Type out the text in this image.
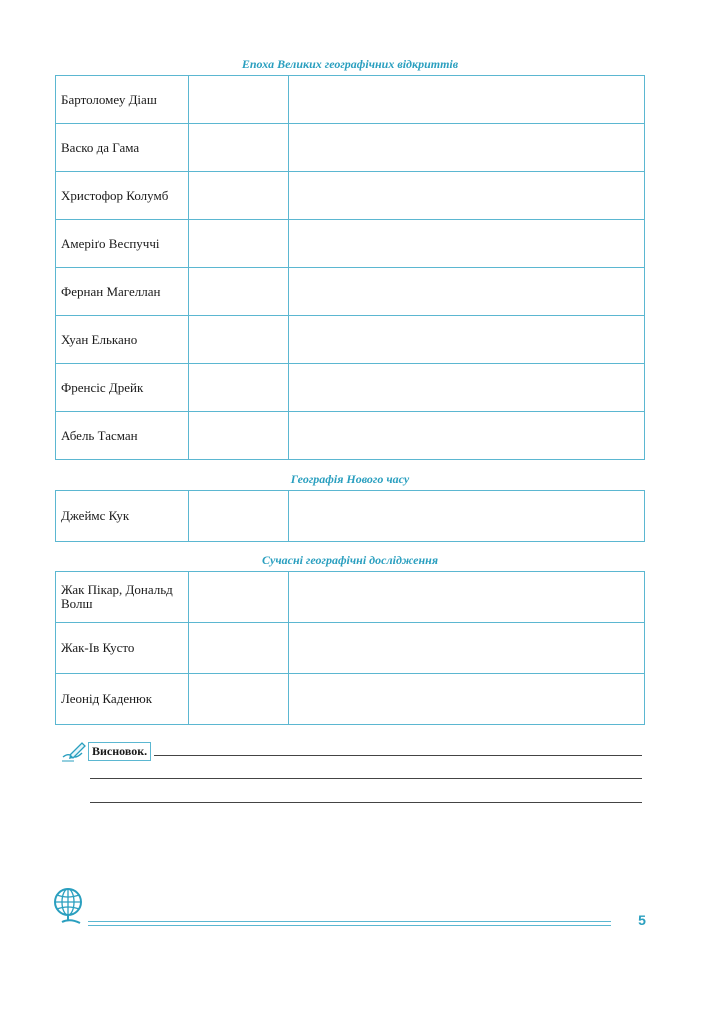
Епоха Великих географічних відкриттів
Бартоломеу Діаш		
Васко да Гама		
Христофор Колумб		
Амеріґо Веспуччі		
Фернан Магеллан		
Хуан Елькано		
Френсіс Дрейк		
Абель Тасман		
Географія Нового часу
Джеймс Кук		
Сучасні географічні дослідження
Жак Пікар, Дональд Волш		
Жак-Ів Кусто		
Леонід Каденюк		
Висновок.
5
